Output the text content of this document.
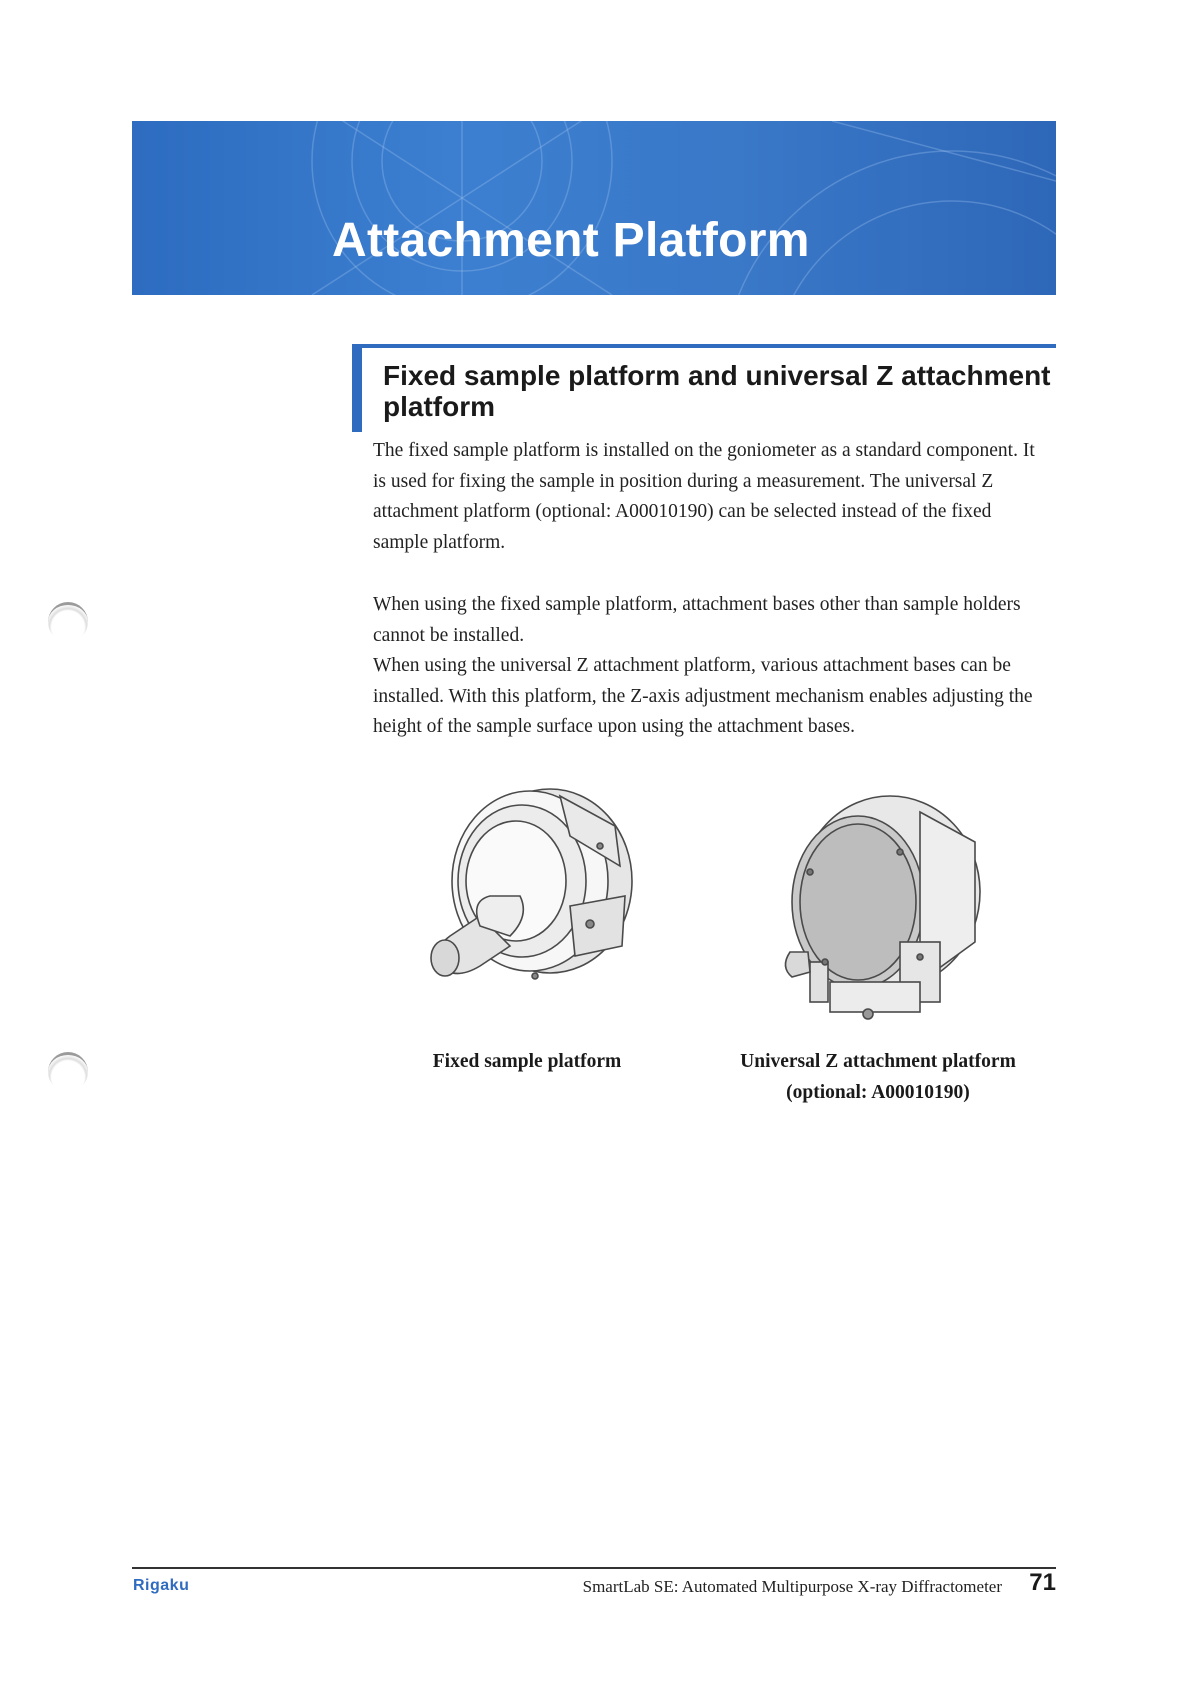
Attachment Platform
Fixed sample platform and universal Z attachment platform

The fixed sample platform is installed on the goniometer as a standard component. It is used for fixing the sample in position during a measurement. The universal Z attachment platform (optional: A00010190) can be selected instead of the fixed sample platform.

When using the fixed sample platform, attachment bases other than sample holders cannot be installed.

When using the universal Z attachment platform, various attachment bases can be installed. With this platform, the Z-axis adjustment mechanism enables adjusting the height of the sample surface upon using the attachment bases.

Fixed sample platform	Universal Z attachment platform
(optional: A00010190)
Rigaku	SmartLab SE: Automated Multipurpose X-ray Diffractometer	71
